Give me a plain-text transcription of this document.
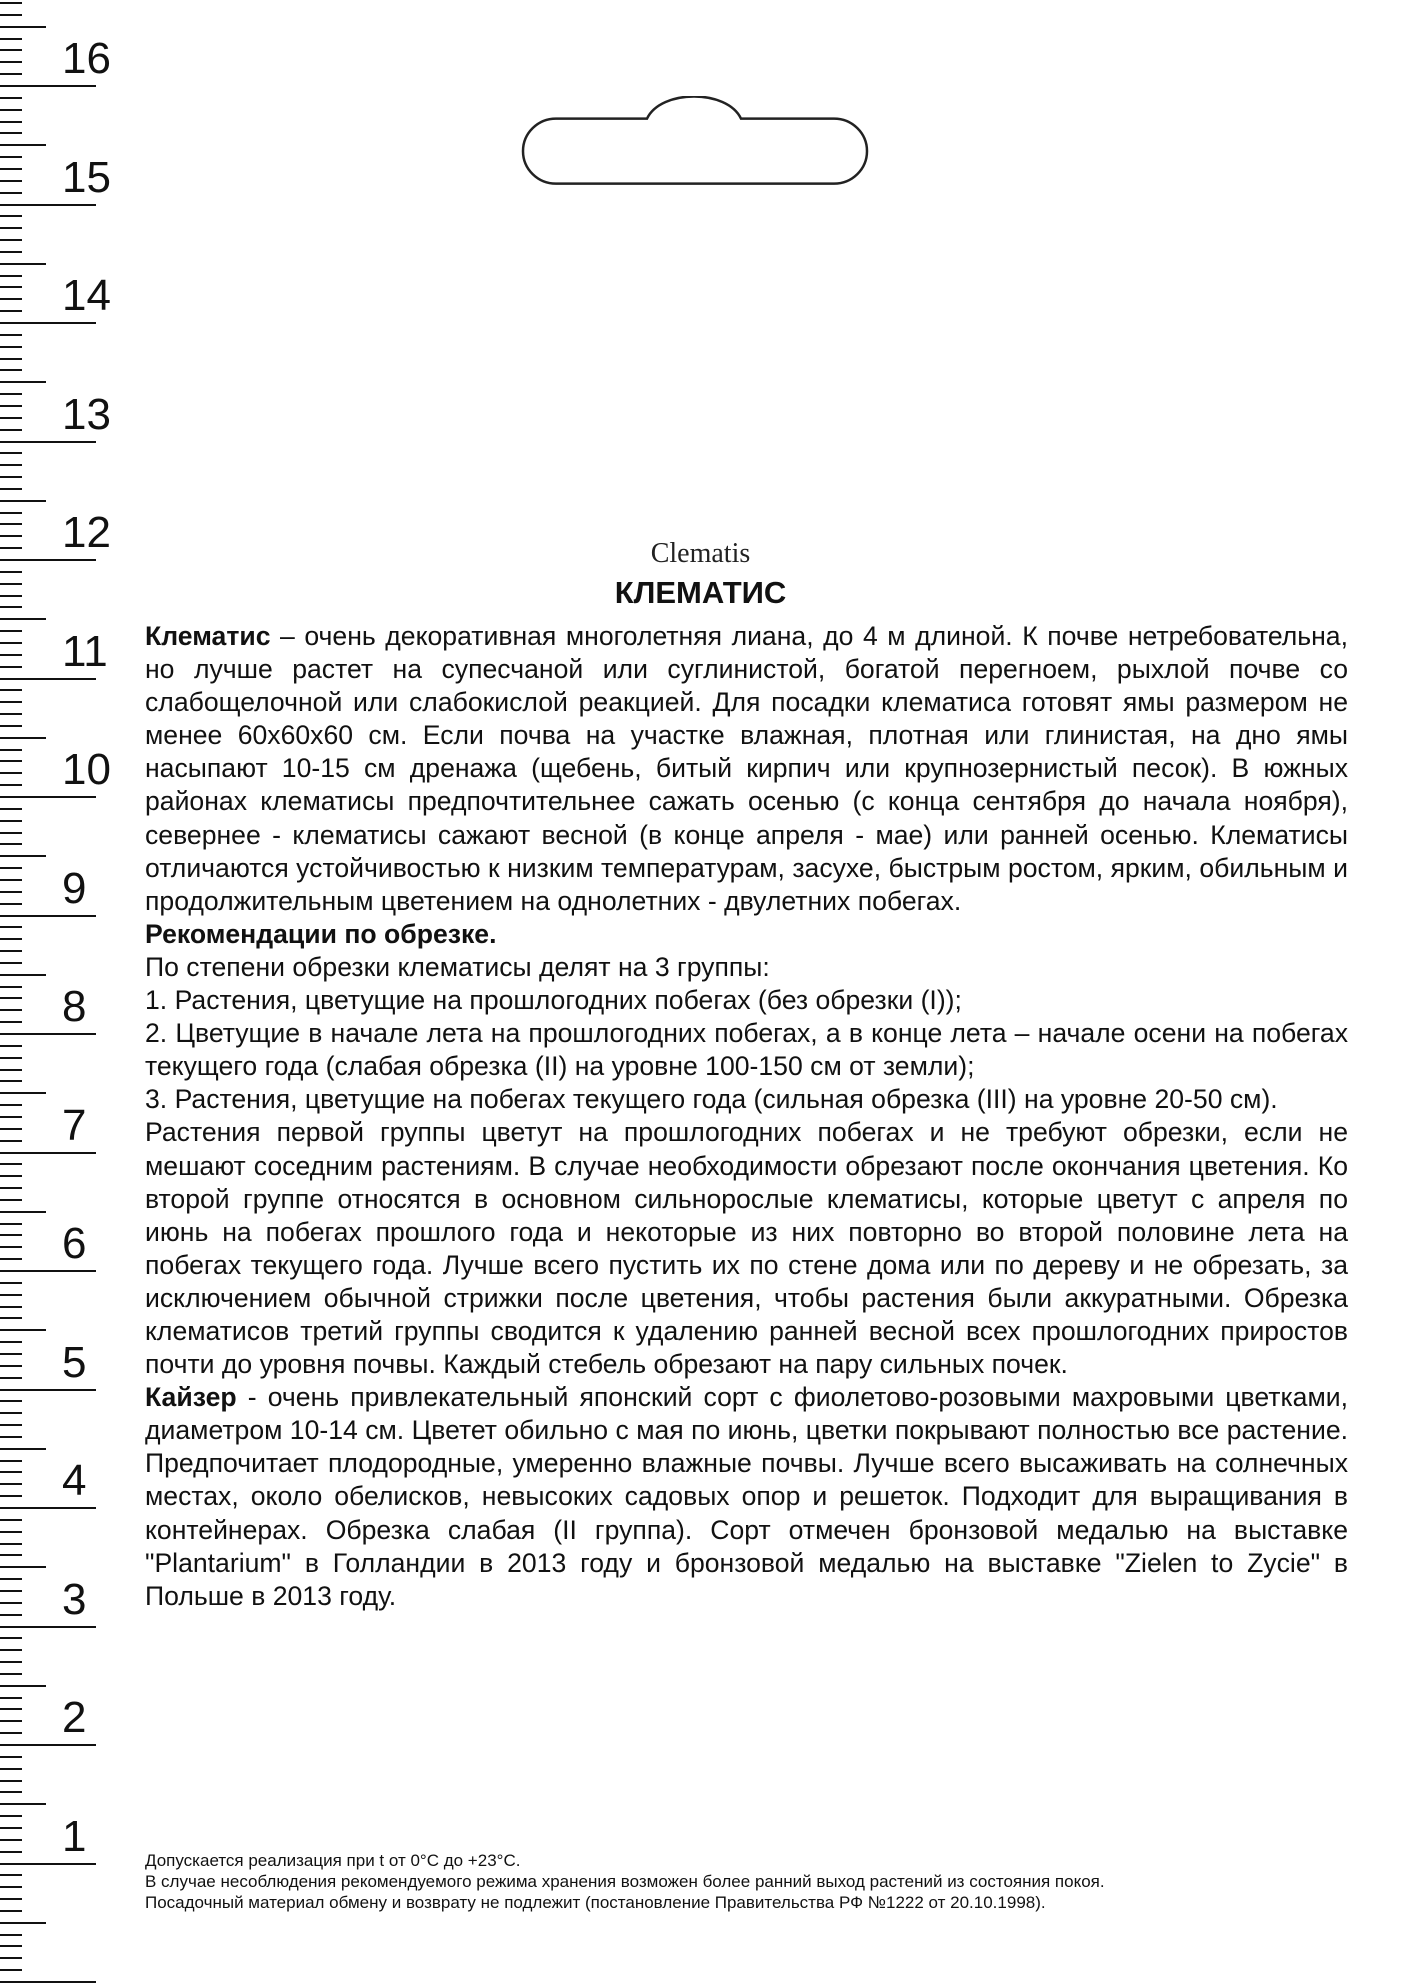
16
15
14
13
12
11
10
9
8
7
6
5
4
3
2
1
Clematis
КЛЕМАТИС

Клематис – очень декоративная многолетняя лиана, до 4 м длиной. К почве нетребовательна, но лучше растет на супесчаной или суглинистой, богатой перегноем, рыхлой почве со слабощелочной или слабокислой реакцией. Для посадки клематиса готовят ямы размером не менее 60х60х60 см. Если почва на участке влажная, плотная или глинистая, на дно ямы насыпают 10-15 см дренажа (щебень, битый кирпич или крупнозернистый песок). В южных районах клематисы предпочтительнее сажать осенью (с конца сентября до начала ноября), севернее - клематисы сажают весной (в конце апреля - мае) или ранней осенью. Клематисы отличаются устойчивостью к низким температурам, засухе, быстрым ростом, ярким, обильным и продолжительным цветением на однолетних - двулетних побегах.

Рекомендации по обрезке.

По степени обрезки клематисы делят на 3 группы:

1. Растения, цветущие на прошлогодних побегах (без обрезки (I));

2. Цветущие в начале лета на прошлогодних побегах, а в конце лета – начале осени на побегах текущего года (слабая обрезка (II) на уровне 100-150 см от земли);

3. Растения, цветущие на побегах текущего года (сильная обрезка (III) на уровне 20-50 см).

Растения первой группы цветут на прошлогодних побегах и не требуют обрезки, если не мешают соседним растениям. В случае необходимости обрезают после окончания цветения. Ко второй группе относятся в основном сильнорослые клематисы, которые цветут с апреля по июнь на побегах прошлого года и некоторые из них повторно во второй половине лета на побегах текущего года. Лучше всего пустить их по стене дома или по дереву и не обрезать, за исключением обычной стрижки после цветения, чтобы растения были аккуратными. Обрезка клематисов третий группы сводится к удалению ранней весной всех прошлогодних приростов почти до уровня почвы. Каждый стебель обрезают на пару сильных почек.

Кайзер - очень привлекательный японский сорт с фиолетово-розовыми махровыми цветками, диаметром 10-14 см. Цветет обильно с мая по июнь, цветки покрывают полностью все растение. Предпочитает плодородные, умеренно влажные почвы. Лучше всего высаживать на солнечных местах, около обелисков, невысоких садовых опор и решеток. Подходит для выращивания в контейнерах. Обрезка слабая (II группа). Сорт отмечен бронзовой медалью на выставке "Plantarium" в Голландии в 2013 году и бронзовой медалью на выставке "Zielen to Zycie" в Польше в 2013 году.

Допускается реализация при t от 0°С до +23°С.

В случае несоблюдения рекомендуемого режима хранения возможен более ранний выход растений из состояния покоя.

Посадочный материал обмену и возврату не подлежит (постановление Правительства РФ №1222 от 20.10.1998).
